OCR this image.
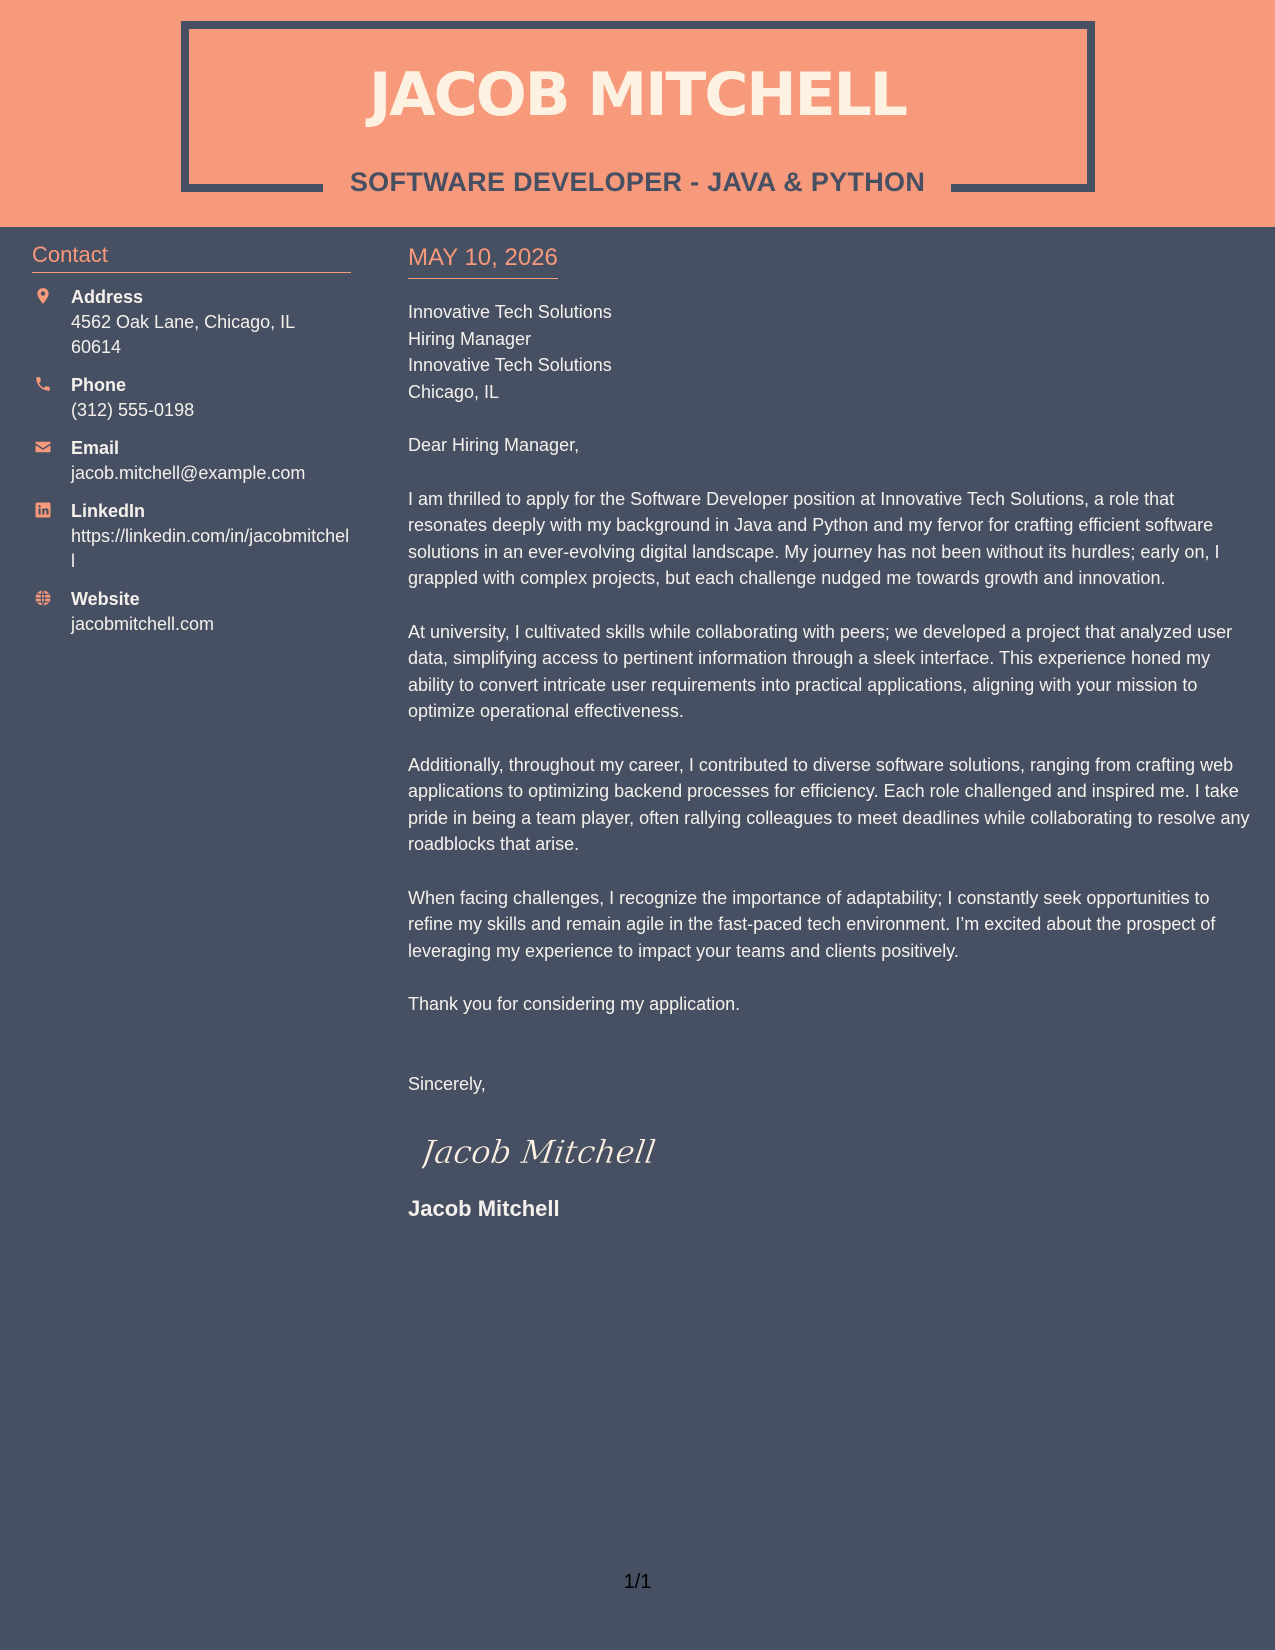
JACOB MITCHELL
SOFTWARE DEVELOPER - JAVA & PYTHON
Contact
Address
4562 Oak Lane, Chicago, IL 60614
Phone
(312) 555-0198
Email
jacob.mitchell@example.com
LinkedIn
https://linkedin.com/in/jacobmitchell
Website
jacobmitchell.com
MAY 10, 2026
Innovative Tech Solutions
Hiring Manager
Innovative Tech Solutions
Chicago, IL
Dear Hiring Manager,
I am thrilled to apply for the Software Developer position at Innovative Tech Solutions, a role that resonates deeply with my background in Java and Python and my fervor for crafting efficient software solutions in an ever-evolving digital landscape. My journey has not been without its hurdles; early on, I grappled with complex projects, but each challenge nudged me towards growth and innovation.
At university, I cultivated skills while collaborating with peers; we developed a project that analyzed user data, simplifying access to pertinent information through a sleek interface. This experience honed my ability to convert intricate user requirements into practical applications, aligning with your mission to optimize operational effectiveness.
Additionally, throughout my career, I contributed to diverse software solutions, ranging from crafting web applications to optimizing backend processes for efficiency. Each role challenged and inspired me. I take pride in being a team player, often rallying colleagues to meet deadlines while collaborating to resolve any roadblocks that arise.
When facing challenges, I recognize the importance of adaptability; I constantly seek opportunities to refine my skills and remain agile in the fast-paced tech environment. I’m excited about the prospect of leveraging my experience to impact your teams and clients positively.
Thank you for considering my application.
Sincerely,
Jacob Mitchell
Jacob Mitchell
1/1
